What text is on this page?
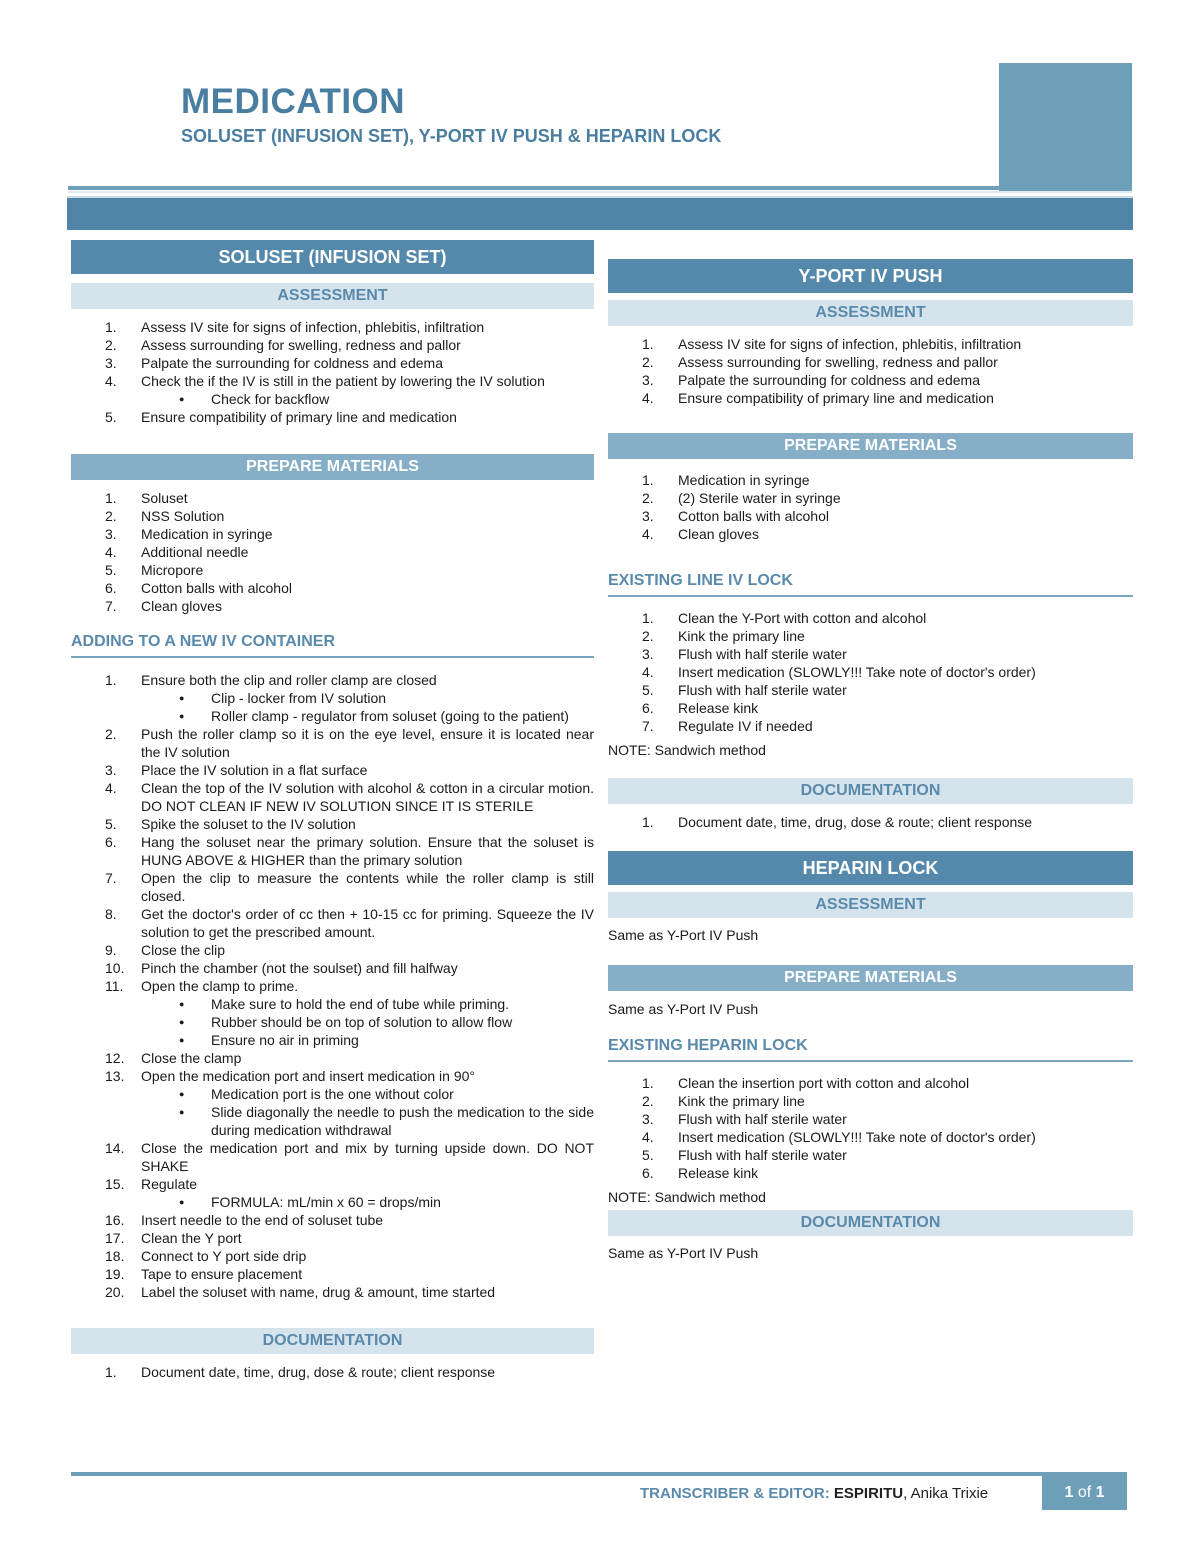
MEDICATION
SOLUSET (INFUSION SET), Y-PORT IV PUSH & HEPARIN LOCK
SOLUSET (INFUSION SET)
ASSESSMENT
1. Assess IV site for signs of infection, phlebitis, infiltration
2. Assess surrounding for swelling, redness and pallor
3. Palpate the surrounding for coldness and edema
4. Check the if the IV is still in the patient by lowering the IV solution
● Check for backflow
5. Ensure compatibility of primary line and medication
PREPARE MATERIALS
1. Soluset
2. NSS Solution
3. Medication in syringe
4. Additional needle
5. Micropore
6. Cotton balls with alcohol
7. Clean gloves
ADDING TO A NEW IV CONTAINER
1. Ensure both the clip and roller clamp are closed
● Clip - locker from IV solution
● Roller clamp - regulator from soluset (going to the patient)
2. Push the roller clamp so it is on the eye level, ensure it is located near the IV solution
3. Place the IV solution in a flat surface
4. Clean the top of the IV solution with alcohol & cotton in a circular motion. DO NOT CLEAN IF NEW IV SOLUTION SINCE IT IS STERILE
5. Spike the soluset to the IV solution
6. Hang the soluset near the primary solution. Ensure that the soluset is HUNG ABOVE & HIGHER than the primary solution
7. Open the clip to measure the contents while the roller clamp is still closed.
8. Get the doctor's order of cc then + 10-15 cc for priming. Squeeze the IV solution to get the prescribed amount.
9. Close the clip
10. Pinch the chamber (not the soulset) and fill halfway
11. Open the clamp to prime.
● Make sure to hold the end of tube while priming.
● Rubber should be on top of solution to allow flow
● Ensure no air in priming
12. Close the clamp
13. Open the medication port and insert medication in 90°
● Medication port is the one without color
● Slide diagonally the needle to push the medication to the side during medication withdrawal
14. Close the medication port and mix by turning upside down. DO NOT SHAKE
15. Regulate
● FORMULA: mL/min x 60 = drops/min
16. Insert needle to the end of soluset tube
17. Clean the Y port
18. Connect to Y port side drip
19. Tape to ensure placement
20. Label the soluset with name, drug & amount, time started
DOCUMENTATION
1. Document date, time, drug, dose & route; client response
Y-PORT IV PUSH
ASSESSMENT
1. Assess IV site for signs of infection, phlebitis, infiltration
2. Assess surrounding for swelling, redness and pallor
3. Palpate the surrounding for coldness and edema
4. Ensure compatibility of primary line and medication
PREPARE MATERIALS
1. Medication in syringe
2. (2) Sterile water in syringe
3. Cotton balls with alcohol
4. Clean gloves
EXISTING LINE IV LOCK
1. Clean the Y-Port with cotton and alcohol
2. Kink the primary line
3. Flush with half sterile water
4. Insert medication (SLOWLY!!! Take note of doctor's order)
5. Flush with half sterile water
6. Release kink
7. Regulate IV if needed
NOTE: Sandwich method
DOCUMENTATION
1. Document date, time, drug, dose & route; client response
HEPARIN LOCK
ASSESSMENT
Same as Y-Port IV Push
PREPARE MATERIALS
Same as Y-Port IV Push
EXISTING HEPARIN LOCK
1. Clean the insertion port with cotton and alcohol
2. Kink the primary line
3. Flush with half sterile water
4. Insert medication (SLOWLY!!! Take note of doctor's order)
5. Flush with half sterile water
6. Release kink
NOTE: Sandwich method
DOCUMENTATION
Same as Y-Port IV Push
TRANSCRIBER & EDITOR: ESPIRITU, Anika Trixie	1 of 1
